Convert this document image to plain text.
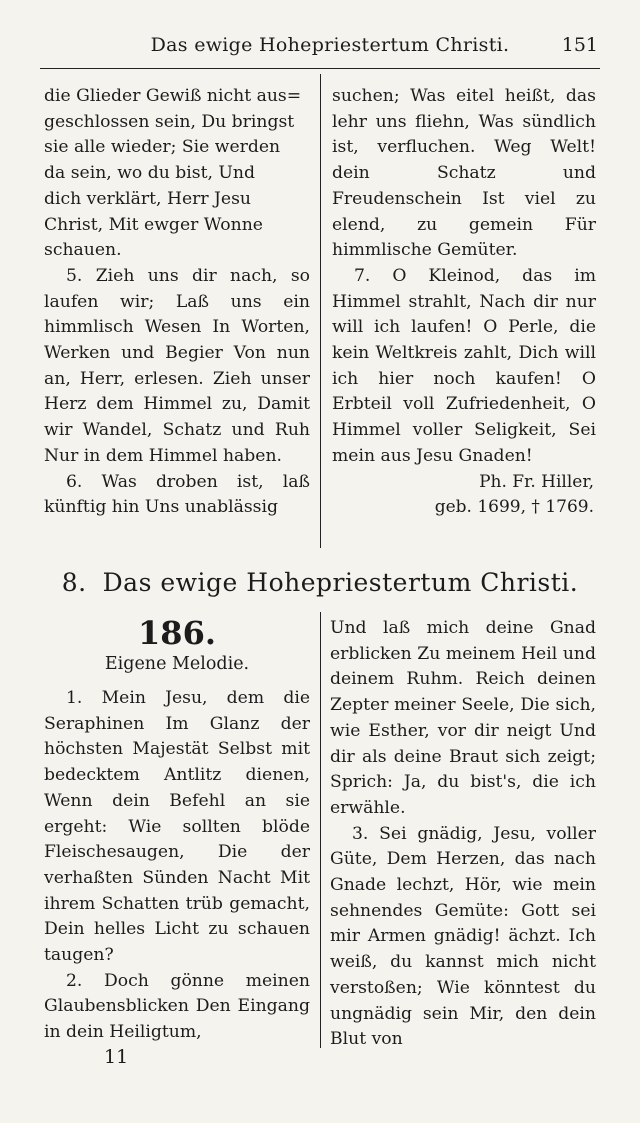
Das ewige Hohepriestertum Christi.	151

die Glieder Gewiß nicht aus=

geschlossen sein, Du bringst

sie alle wieder; Sie werden

da sein, wo du bist, Und

dich verklärt, Herr Jesu

Christ, Mit ewger Wonne

schauen.

5. Zieh uns dir nach, so laufen wir; Laß uns ein himmlisch Wesen In Worten, Werken und Begier Von nun an, Herr, erlesen. Zieh unser Herz dem Himmel zu, Damit wir Wandel, Schatz und Ruh Nur in dem Himmel haben.

6. Was droben ist, laß künftig hin Uns unablässig

suchen; Was eitel heißt, das lehr uns fliehn, Was sündlich ist, verfluchen. Weg Welt! dein Schatz und Freudenschein Ist viel zu elend, zu gemein Für himmlische Gemüter.

7. O Kleinod, das im Himmel strahlt, Nach dir nur will ich laufen! O Perle, die kein Weltkreis zahlt, Dich will ich hier noch kaufen! O Erbteil voll Zufriedenheit, O Himmel voller Seligkeit, Sei mein aus Jesu Gnaden!

Ph. Fr. Hiller,
geb. 1699, † 1769.
8. Das ewige Hohepriestertum Christi.
186.
Eigene Melodie.

1. Mein Jesu, dem die Seraphinen Im Glanz der höchsten Majestät Selbst mit bedecktem Antlitz dienen, Wenn dein Befehl an sie ergeht: Wie sollten blöde Fleischesaugen, Die der verhaßten Sünden Nacht Mit ihrem Schatten trüb gemacht, Dein helles Licht zu schauen taugen?

2. Doch gönne meinen Glaubensblicken Den Eingang in dein Heiligtum,

Und laß mich deine Gnad erblicken Zu meinem Heil und deinem Ruhm. Reich deinen Zepter meiner Seele, Die sich, wie Esther, vor dir neigt Und dir als deine Braut sich zeigt; Sprich: Ja, du bist's, die ich erwähle.

3. Sei gnädig, Jesu, voller Güte, Dem Herzen, das nach Gnade lechzt, Hör, wie mein sehnendes Gemüte: Gott sei mir Armen gnädig! ächzt. Ich weiß, du kannst mich nicht verstoßen; Wie könntest du ungnädig sein Mir, den dein Blut von

11
